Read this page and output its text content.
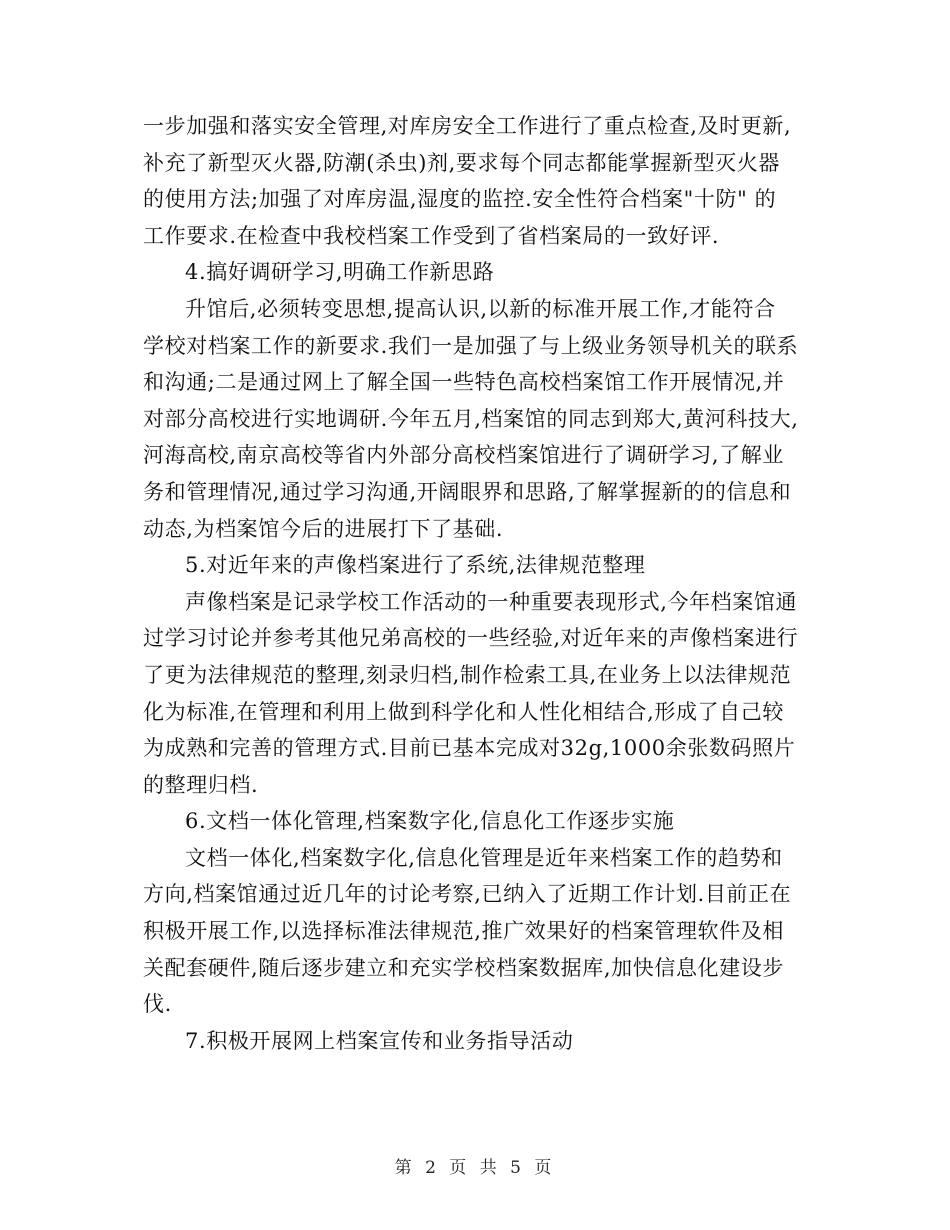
一步加强和落实安全管理,对库房安全工作进行了重点检查,及时更新,
补充了新型灭火器,防潮(杀虫)剂,要求每个同志都能掌握新型灭火器
的使用方法;加强了对库房温,湿度的监控.安全性符合档案"十防" 的
工作要求.在检查中我校档案工作受到了省档案局的一致好评.
4.搞好调研学习,明确工作新思路
升馆后,必须转变思想,提高认识,以新的标准开展工作,才能符合
学校对档案工作的新要求.我们一是加强了与上级业务领导机关的联系
和沟通;二是通过网上了解全国一些特色高校档案馆工作开展情况,并
对部分高校进行实地调研.今年五月,档案馆的同志到郑大,黄河科技大,
河海高校,南京高校等省内外部分高校档案馆进行了调研学习,了解业
务和管理情况,通过学习沟通,开阔眼界和思路,了解掌握新的的信息和
动态,为档案馆今后的进展打下了基础.
5.对近年来的声像档案进行了系统,法律规范整理
声像档案是记录学校工作活动的一种重要表现形式,今年档案馆通
过学习讨论并参考其他兄弟高校的一些经验,对近年来的声像档案进行
了更为法律规范的整理,刻录归档,制作检索工具,在业务上以法律规范
化为标准,在管理和利用上做到科学化和人性化相结合,形成了自己较
为成熟和完善的管理方式.目前已基本完成对32g,1000余张数码照片
的整理归档.
6.文档一体化管理,档案数字化,信息化工作逐步实施
文档一体化,档案数字化,信息化管理是近年来档案工作的趋势和
方向,档案馆通过近几年的讨论考察,已纳入了近期工作计划.目前正在
积极开展工作,以选择标准法律规范,推广效果好的档案管理软件及相
关配套硬件,随后逐步建立和充实学校档案数据库,加快信息化建设步
伐.
7.积极开展网上档案宣传和业务指导活动
第 2 页 共 5 页
